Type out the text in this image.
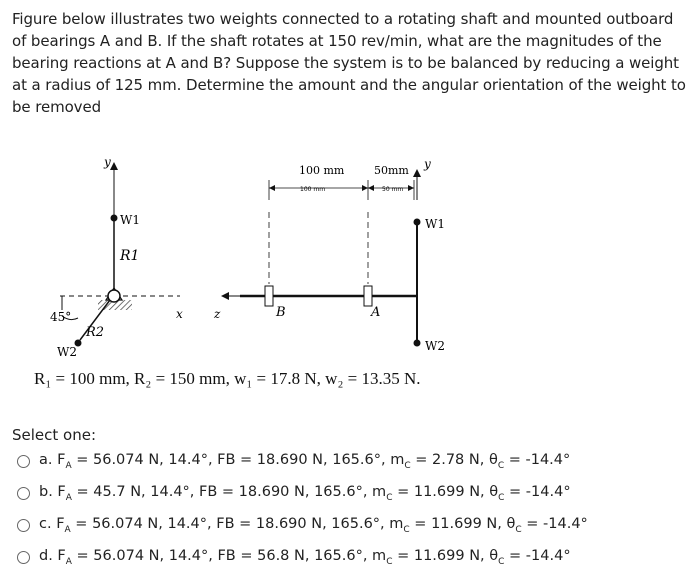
Figure below illustrates two weights connected to a rotating shaft and mounted outboard of bearings A and B. If the shaft rotates at 150 rev/min, what are the magnitudes of the bearing reactions at A and B? Suppose the system is to be balanced by reducing a weight at a radius of 125 mm. Determine the amount and the angular orientation of the weight to be removed
y
x
W1
R1
R2
W2
45°
100 mm	50mm
100 mm	50 mm
y
z	B	A
W1
W2
R₁ = 100 mm, R₂ = 150 mm, w₁ = 17.8 N, w₂ = 13.35 N.
Select one:
a. $F_A = 56.074$ N, 14.4°, FB = 18.690 N, 165.6°, $m_C = 2.78$ N, $\theta_C = -14.4^\circ$
b. $F_A = 45.7$ N, 14.4°, FB = 18.690 N, 165.6°, $m_C = 11.699$ N, $\theta_C = -14.4^\circ$
c. $F_A = 56.074$ N, 14.4°, FB = 18.690 N, 165.6°, $m_C = 11.699$ N, $\theta_C = -14.4^\circ$
d. $F_A = 56.074$ N, 14.4°, FB = 56.8 N, 165.6°, $m_C = 11.699$ N, $\theta_C = -14.4^\circ$
